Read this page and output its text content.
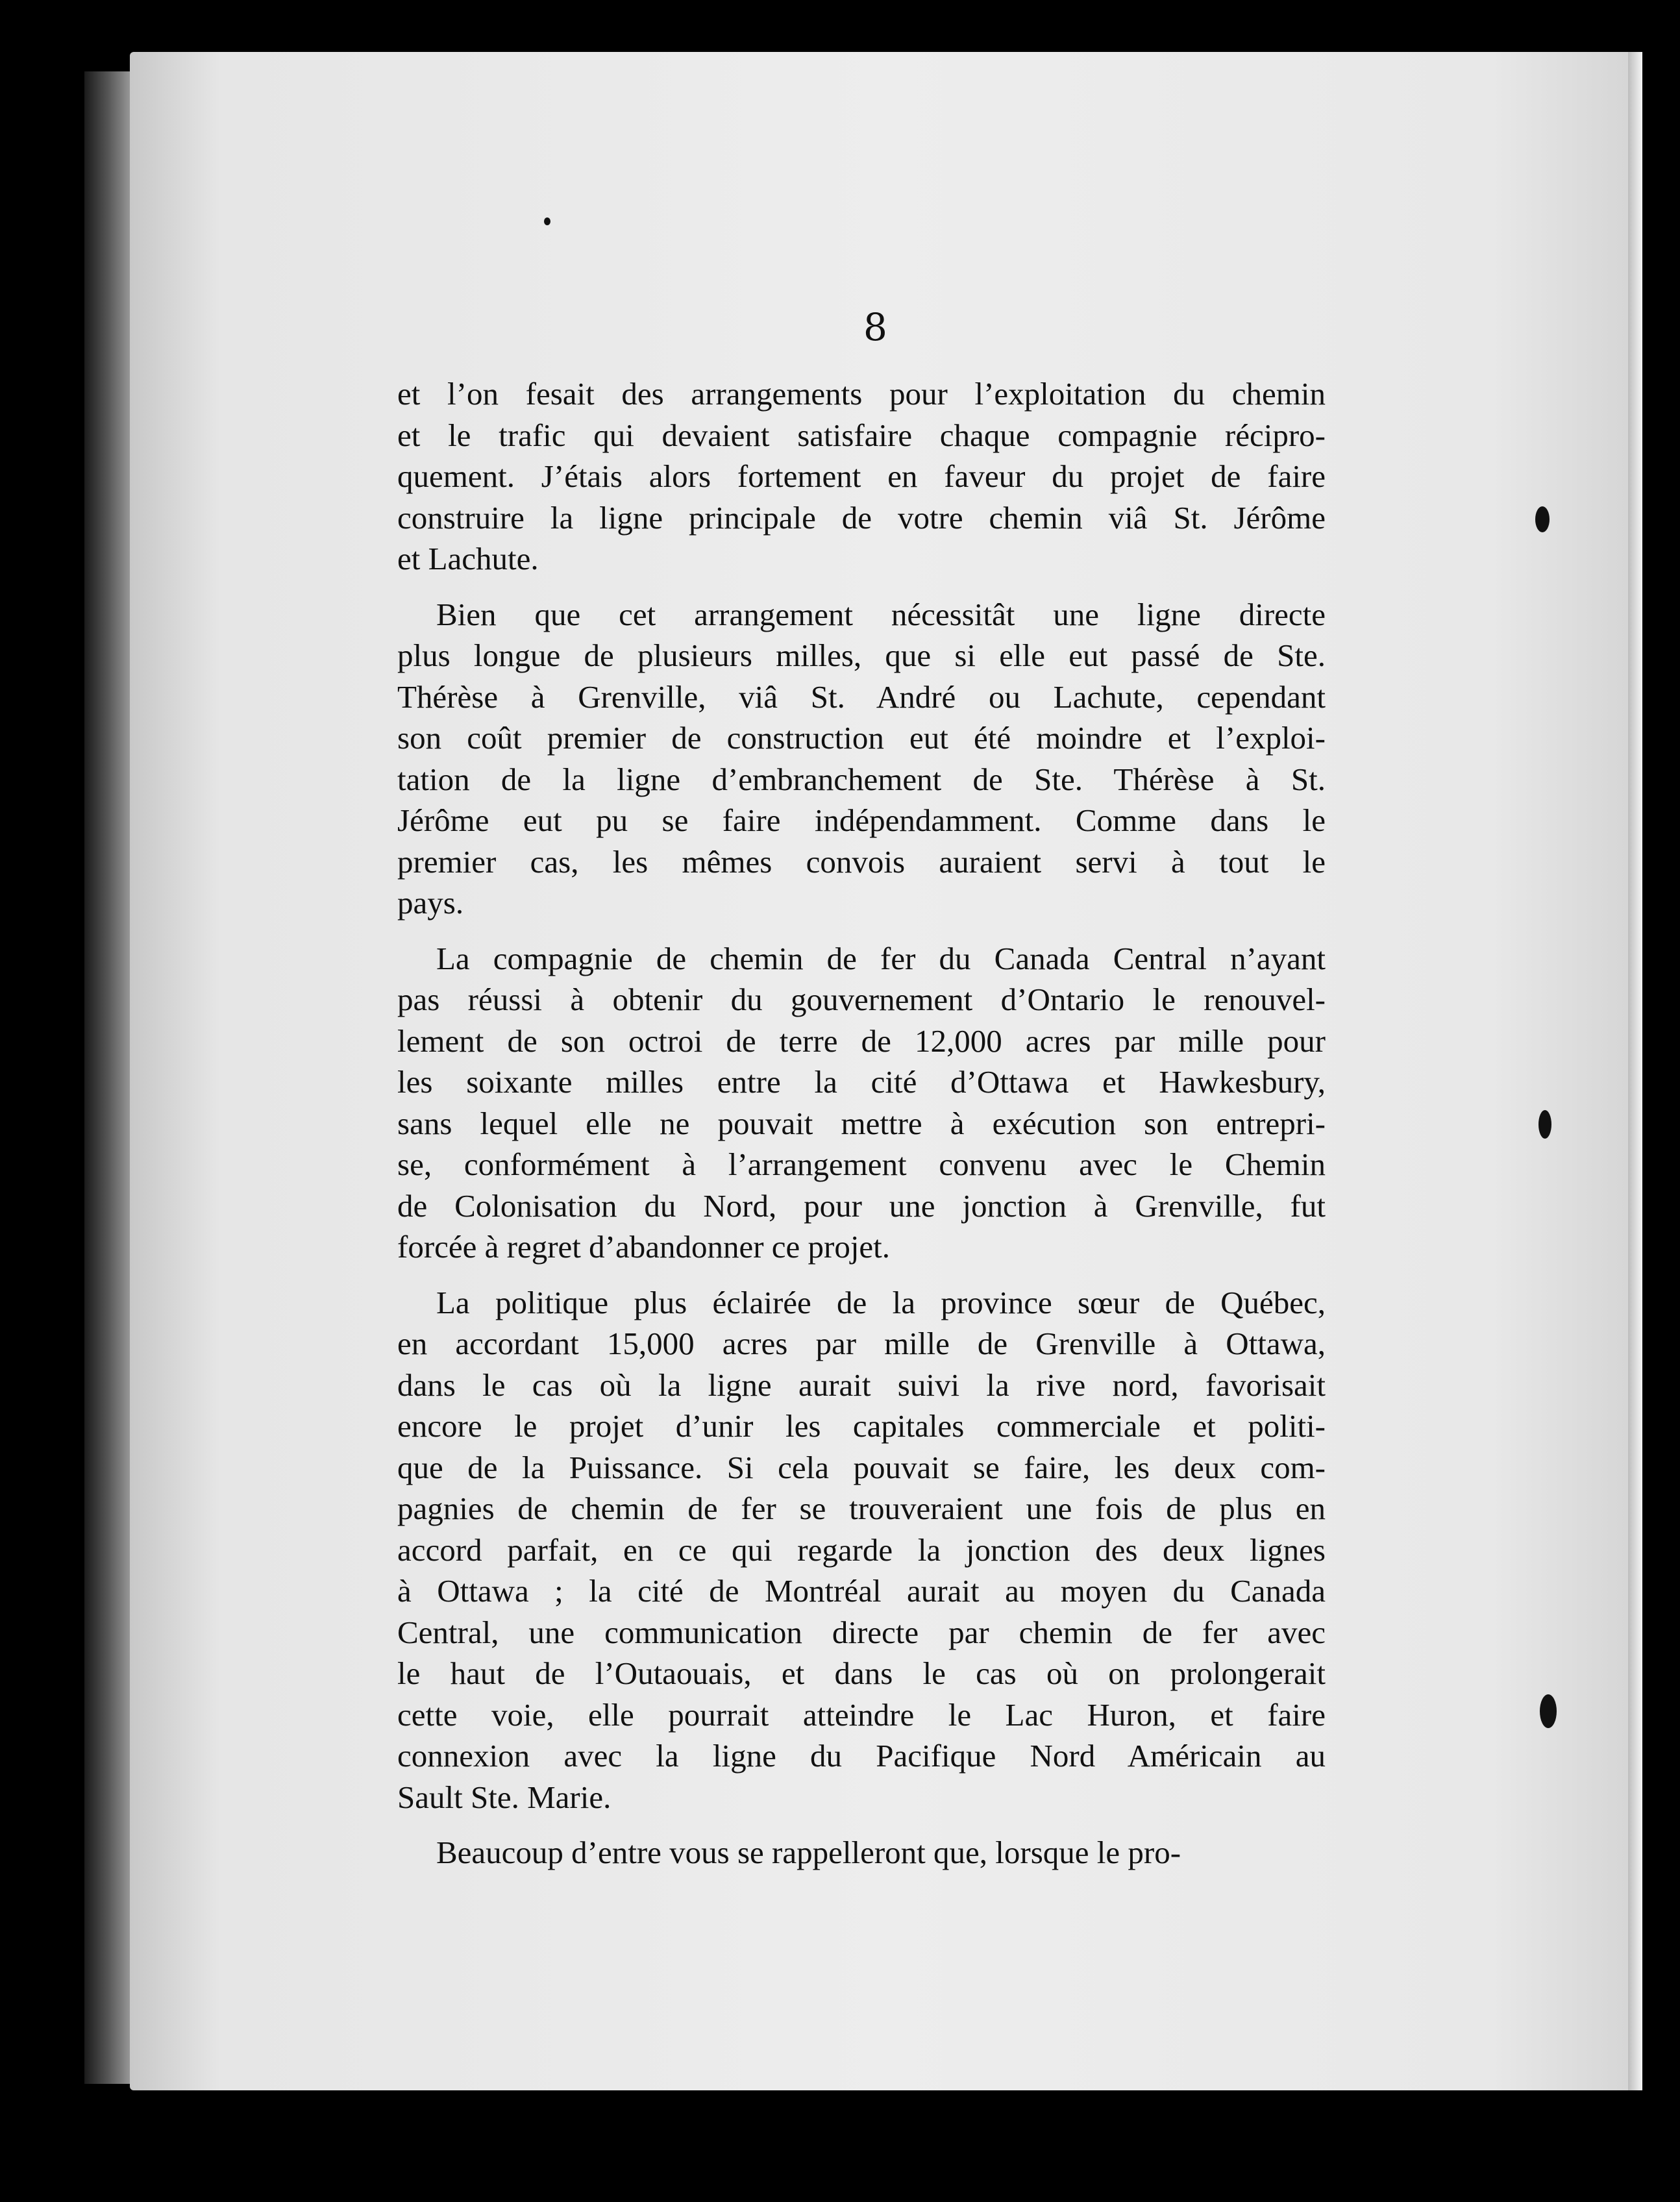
8

et l’on fesait des arrangements pour l’exploitation du chemin
et le trafic qui devaient satisfaire chaque compagnie récipro-
quement. J’étais alors fortement en faveur du projet de faire
construire la ligne principale de votre chemin viâ St. Jérôme
et Lachute.

Bien que cet arrangement nécessitât une ligne directe
plus longue de plusieurs milles, que si elle eut passé de Ste.
Thérèse à Grenville, viâ St. André ou Lachute, cependant
son coût premier de construction eut été moindre et l’exploi-
tation de la ligne d’embranchement de Ste. Thérèse à St.
Jérôme eut pu se faire indépendamment. Comme dans le
premier cas, les mêmes convois auraient servi à tout le
pays.

La compagnie de chemin de fer du Canada Central n’ayant
pas réussi à obtenir du gouvernement d’Ontario le renouvel-
lement de son octroi de terre de 12,000 acres par mille pour
les soixante milles entre la cité d’Ottawa et Hawkesbury,
sans lequel elle ne pouvait mettre à exécution son entrepri-
se, conformément à l’arrangement convenu avec le Chemin
de Colonisation du Nord, pour une jonction à Grenville, fut
forcée à regret d’abandonner ce projet.

La politique plus éclairée de la province sœur de Québec,
en accordant 15,000 acres par mille de Grenville à Ottawa,
dans le cas où la ligne aurait suivi la rive nord, favorisait
encore le projet d’unir les capitales commerciale et politi-
que de la Puissance. Si cela pouvait se faire, les deux com-
pagnies de chemin de fer se trouveraient une fois de plus en
accord parfait, en ce qui regarde la jonction des deux lignes
à Ottawa ; la cité de Montréal aurait au moyen du Canada
Central, une communication directe par chemin de fer avec
le haut de l’Outaouais, et dans le cas où on prolongerait
cette voie, elle pourrait atteindre le Lac Huron, et faire
connexion avec la ligne du Pacifique Nord Américain au
Sault Ste. Marie.

Beaucoup d’entre vous se rappelleront que, lorsque le pro-
